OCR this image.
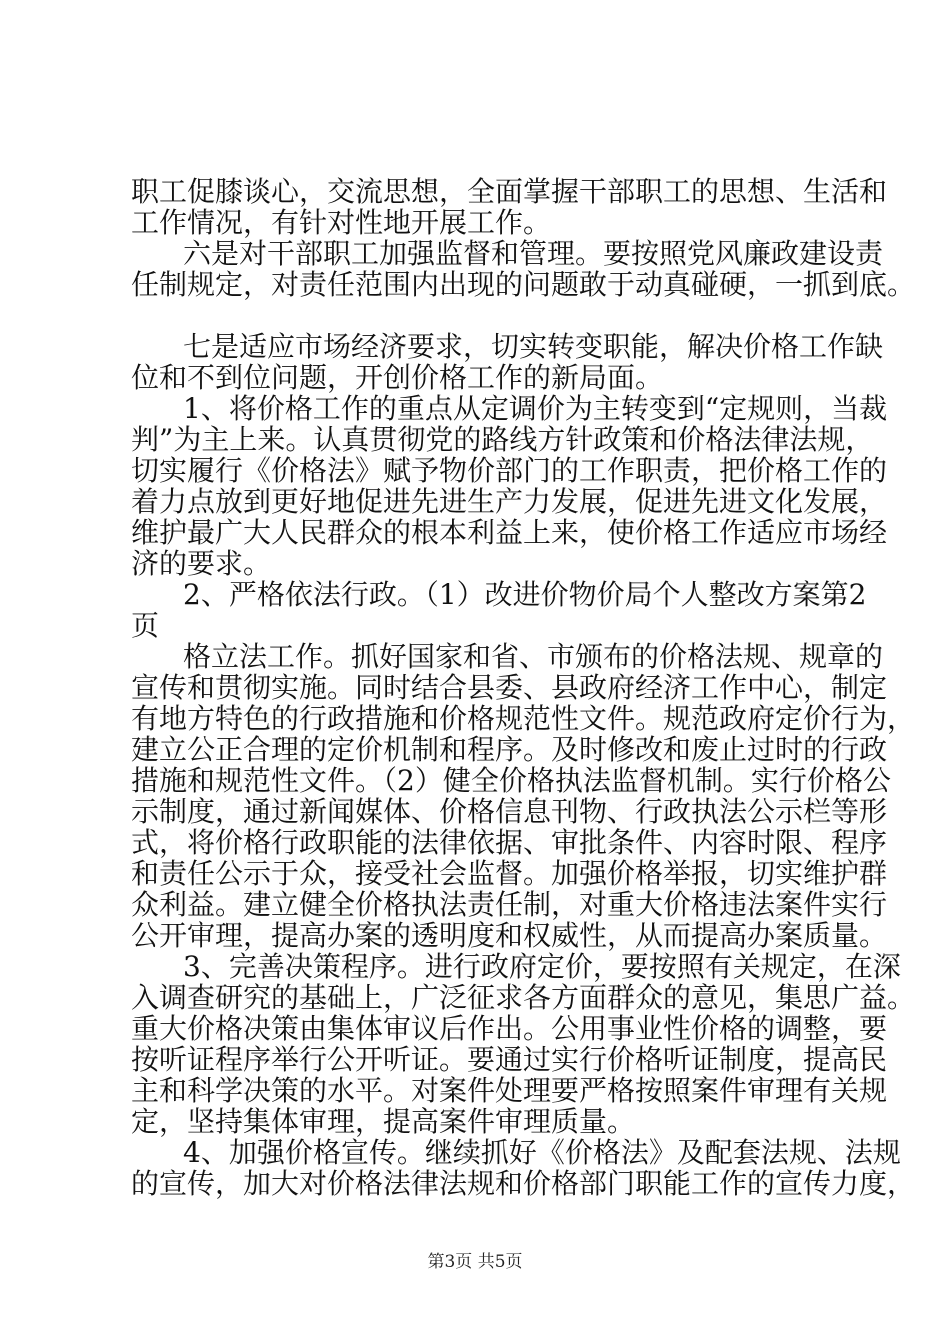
职工促膝谈心，交流思想，全面掌握干部职工的思想、生活和
工作情况，有针对性地开展工作。
六是对干部职工加强监督和管理。要按照党风廉政建设责
任制规定，对责任范围内出现的问题敢于动真碰硬，一抓到底。
七是适应市场经济要求，切实转变职能，解决价格工作缺
位和不到位问题，开创价格工作的新局面。
1、将价格工作的重点从定调价为主转变到“定规则，当裁
判”为主上来。认真贯彻党的路线方针政策和价格法律法规，
切实履行《价格法》赋予物价部门的工作职责，把价格工作的
着力点放到更好地促进先进生产力发展，促进先进文化发展，
维护最广大人民群众的根本利益上来，使价格工作适应市场经
济的要求。
2、严格依法行政。（1）改进价物价局个人整改方案第2
页
格立法工作。抓好国家和省、市颁布的价格法规、规章的
宣传和贯彻实施。同时结合县委、县政府经济工作中心，制定
有地方特色的行政措施和价格规范性文件。规范政府定价行为，
建立公正合理的定价机制和程序。及时修改和废止过时的行政
措施和规范性文件。（2）健全价格执法监督机制。实行价格公
示制度，通过新闻媒体、价格信息刊物、行政执法公示栏等形
式，将价格行政职能的法律依据、审批条件、内容时限、程序
和责任公示于众，接受社会监督。加强价格举报，切实维护群
众利益。建立健全价格执法责任制，对重大价格违法案件实行
公开审理，提高办案的透明度和权威性，从而提高办案质量。
3、完善决策程序。进行政府定价，要按照有关规定，在深
入调查研究的基础上，广泛征求各方面群众的意见，集思广益。
重大价格决策由集体审议后作出。公用事业性价格的调整，要
按听证程序举行公开听证。要通过实行价格听证制度，提高民
主和科学决策的水平。对案件处理要严格按照案件审理有关规
定，坚持集体审理，提高案件审理质量。
4、加强价格宣传。继续抓好《价格法》及配套法规、法规
的宣传，加大对价格法律法规和价格部门职能工作的宣传力度，
第3页 共5页
